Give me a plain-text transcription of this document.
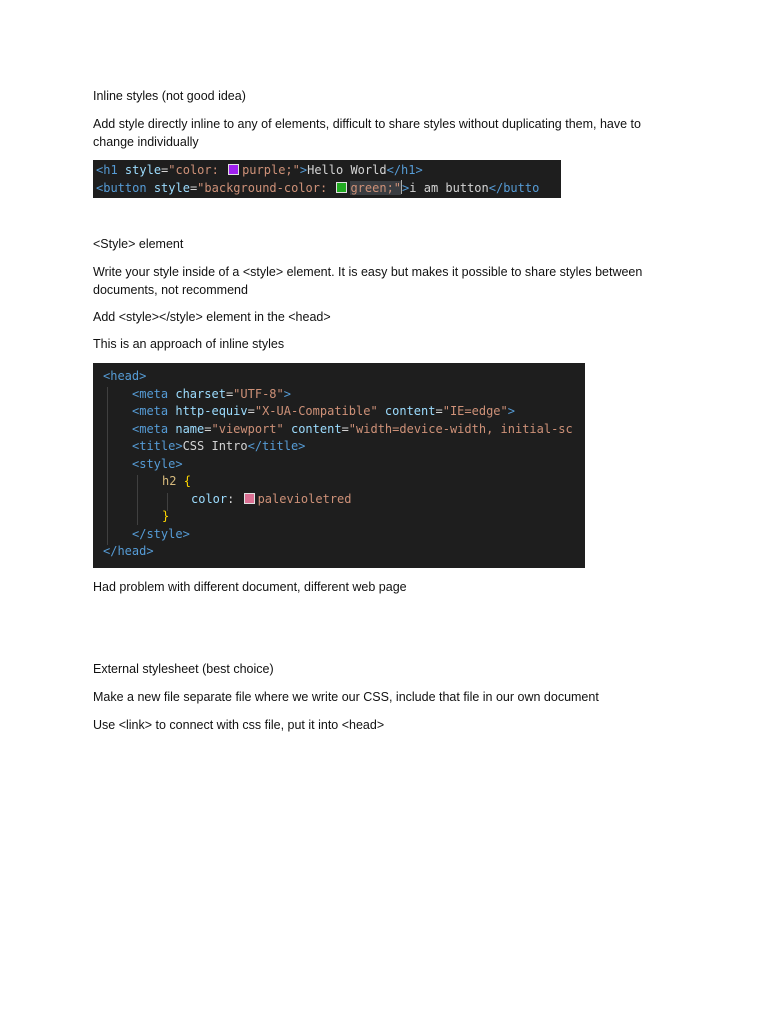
Inline styles (not good idea)

Add style directly inline to any of elements, difficult to share styles without duplicating them, have to change individually

<h1 style="color: purple;">Hello World</h1>
<button style="background-color: green;">i am button</butto

<Style> element

Write your style inside of a <style> element. It is easy but makes it possible to share styles between documents, not recommend

Add <style></style> element in the <head>

This is an approach of inline styles

<head>
<meta charset="UTF-8">
<meta http-equiv="X-UA-Compatible" content="IE=edge">
<meta name="viewport" content="width=device-width, initial-sc
<title>CSS Intro</title>
<style>
h2 {
color: palevioletred
}
</style>
</head>

Had problem with different document, different web page

External stylesheet (best choice)

Make a new file separate file where we write our CSS, include that file in our own document

Use <link> to connect with css file, put it into <head>
